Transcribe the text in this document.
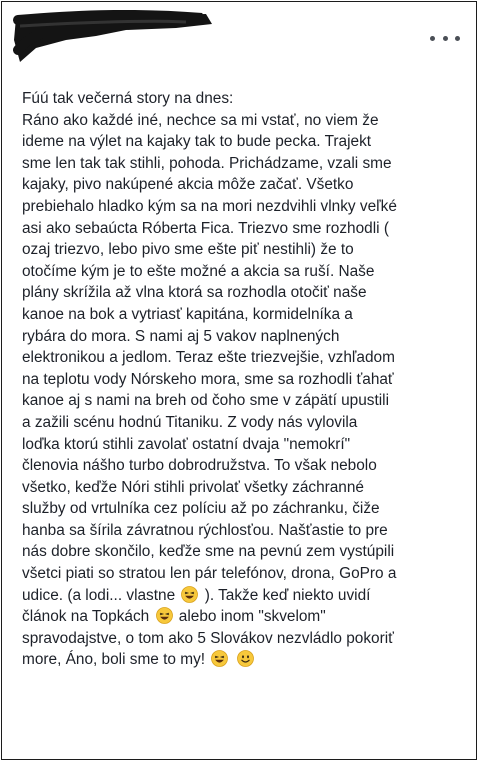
Fúú tak večerná story na dnes:
Ráno ako každé iné, nechce sa mi vstať, no viem že
ideme na výlet na kajaky tak to bude pecka. Trajekt
sme len tak tak stihli, pohoda. Prichádzame, vzali sme
kajaky, pivo nakúpené akcia môže začať. Všetko
prebiehalo hladko kým sa na mori nezdvihli vlnky veľké
asi ako sebaúcta Róberta Fica. Triezvo sme rozhodli (
ozaj triezvo, lebo pivo sme ešte piť nestihli) že to
otočíme kým je to ešte možné a akcia sa ruší. Naše
plány skrížila až vlna ktorá sa rozhodla otočiť naše
kanoe na bok a vytriasť kapitána, kormidelníka a
rybára do mora. S nami aj 5 vakov naplnených
elektronikou a jedlom. Teraz ešte triezvejšie, vzhľadom
na teplotu vody Nórskeho mora, sme sa rozhodli ťahať
kanoe aj s nami na breh od čoho sme v zápätí upustili
a zažili scénu hodnú Titaniku. Z vody nás vylovila
loďka ktorú stihli zavolať ostatní dvaja "nemokrí"
členovia nášho turbo dobrodružstva. To však nebolo
všetko, keďže Nóri stihli privolať všetky záchranné
služby od vrtulníka cez políciu až po záchranku, čiže
hanba sa šírila závratnou rýchlosťou. Našťastie to pre
nás dobre skončilo, keďže sme na pevnú zem vystúpili
všetci piati so stratou len pár telefónov, drona, GoPro a
udice. (a lodi... vlastne ). Takže keď niekto uvidí
článok na Topkách alebo inom "skvelom"
spravodajstve, o tom ako 5 Slovákov nezvládlo pokoriť
more, Áno, boli sme to my!
